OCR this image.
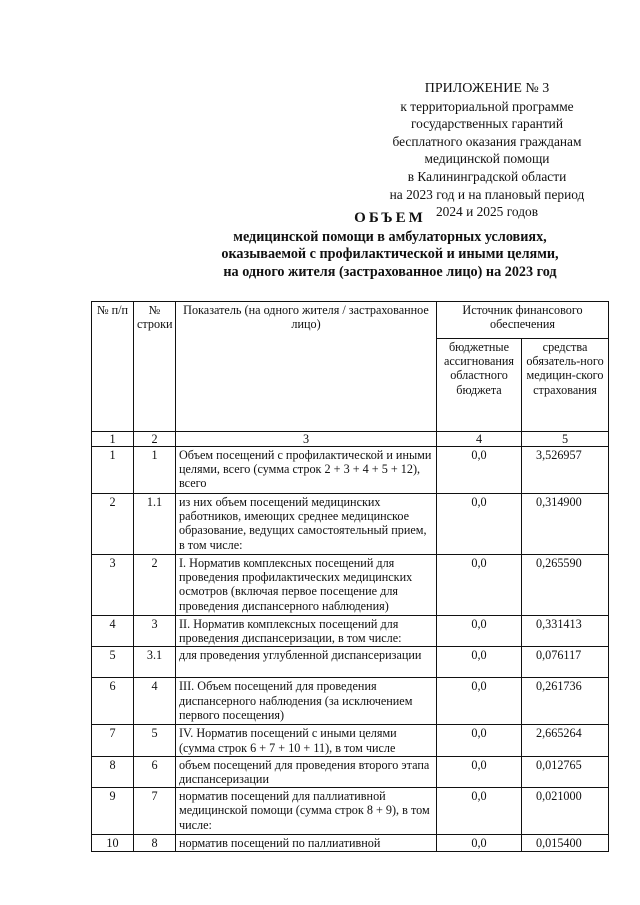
ПРИЛОЖЕНИЕ № 3
к территориальной программе
государственных гарантий
бесплатного оказания гражданам
медицинской помощи
в Калининградской области
на 2023 год и на плановый период
2024 и 2025 годов
ОБЪЕМ
медицинской помощи в амбулаторных условиях,
оказываемой с профилактической и иными целями,
на одного жителя (застрахованное лицо) на 2023 год
№ п/п	№ строки	Показатель (на одного жителя / застрахованное лицо)	Источник финансового обеспечения	
			бюджетные ассигнования областного бюджета	средства обязатель-ного медицин-ского страхования
1	2	3	4	5
1	1	Объем посещений с профилактической и иными целями, всего (сумма строк 2 + 3 + 4 + 5 + 12), всего	0,0	3,526957
2	1.1	из них объем посещений медицинских работников, имеющих среднее медицинское образование, ведущих самостоятельный прием, в том числе:	0,0	0,314900
3	2	I. Норматив комплексных посещений для проведения профилактических медицинских осмотров (включая первое посещение для проведения диспансерного наблюдения)	0,0	0,265590
4	3	II. Норматив комплексных посещений для проведения диспансеризации, в том числе:	0,0	0,331413
5	3.1	для проведения углубленной диспансеризации	0,0	0,076117
6	4	III. Объем посещений для проведения диспансерного наблюдения (за исключением первого посещения)	0,0	0,261736
7	5	IV. Норматив посещений с иными целями (сумма строк 6 + 7 + 10 + 11), в том числе	0,0	2,665264
8	6	объем посещений для проведения второго этапа диспансеризации	0,0	0,012765
9	7	норматив посещений для паллиативной медицинской помощи (сумма строк 8 + 9), в том числе:	0,0	0,021000
10	8	норматив посещений по паллиативной	0,0	0,015400
